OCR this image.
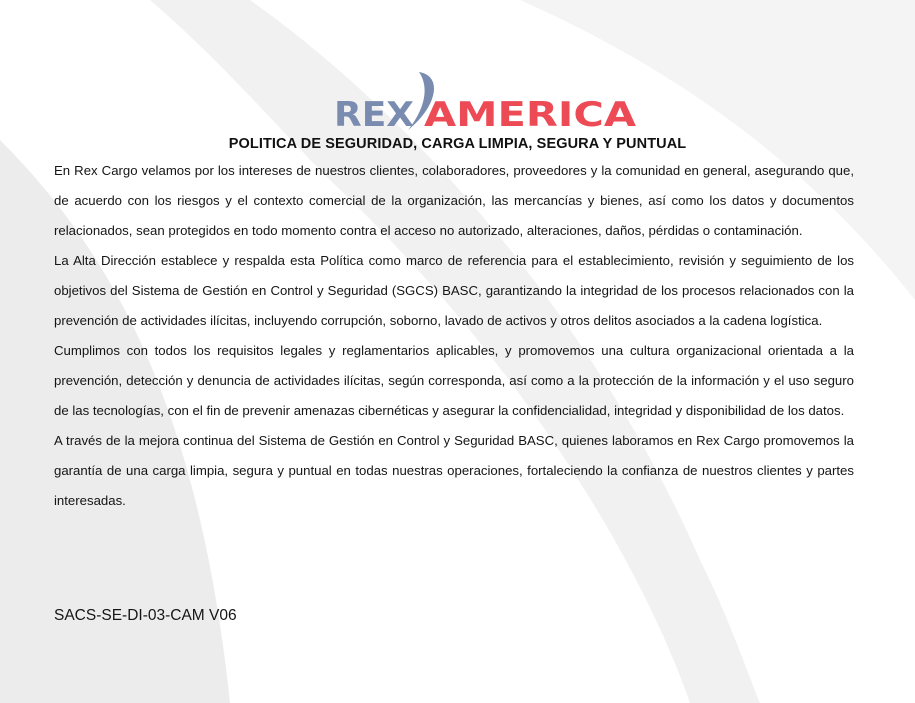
REX AMERICA
POLITICA DE SEGURIDAD, CARGA LIMPIA, SEGURA Y PUNTUAL

En Rex Cargo velamos por los intereses de nuestros clientes, colaboradores, proveedores y la comunidad en general, asegurando que, de acuerdo con los riesgos y el contexto comercial de la organización, las mercancías y bienes, así como los datos y documentos relacionados, sean protegidos en todo momento contra el acceso no autorizado, alteraciones, daños, pérdidas o contaminación.

La Alta Dirección establece y respalda esta Política como marco de referencia para el establecimiento, revisión y seguimiento de los objetivos del Sistema de Gestión en Control y Seguridad (SGCS) BASC, garantizando la integridad de los procesos relacionados con la prevención de actividades ilícitas, incluyendo corrupción, soborno, lavado de activos y otros delitos asociados a la cadena logística.

Cumplimos con todos los requisitos legales y reglamentarios aplicables, y promovemos una cultura organizacional orientada a la prevención, detección y denuncia de actividades ilícitas, según corresponda, así como a la protección de la información y el uso seguro de las tecnologías, con el fin de prevenir amenazas cibernéticas y asegurar la confidencialidad, integridad y disponibilidad de los datos.

A través de la mejora continua del Sistema de Gestión en Control y Seguridad BASC, quienes laboramos en Rex Cargo promovemos la garantía de una carga limpia, segura y puntual en todas nuestras operaciones, fortaleciendo la confianza de nuestros clientes y partes interesadas.

SACS-SE-DI-03-CAM V06
